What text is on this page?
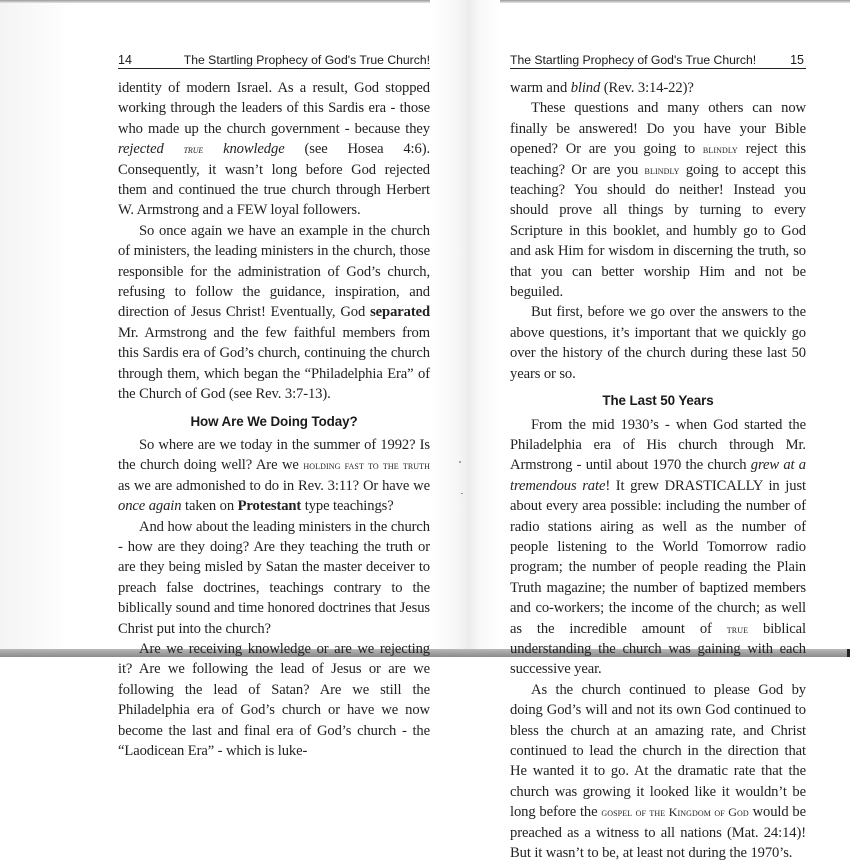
14	The Startling Prophecy of God's True Church!

identity of modern Israel. As a result, God stopped working through the leaders of this Sardis era - those who made up the church government - because they rejected true knowledge (see Hosea 4:6). Consequently, it wasn’t long before God rejected them and continued the true church through Herbert W. Armstrong and a FEW loyal followers.

So once again we have an example in the church of ministers, the leading ministers in the church, those responsible for the administration of God’s church, refusing to follow the guidance, inspiration, and direction of Jesus Christ! Eventually, God separated Mr. Armstrong and the few faithful members from this Sardis era of God’s church, continuing the church through them, which began the “Philadelphia Era” of the Church of God (see Rev. 3:7-13).

How Are We Doing Today?

So where are we today in the summer of 1992? Is the church doing well? Are we holding fast to the truth as we are admonished to do in Rev. 3:11? Or have we once again taken on Protestant type teachings?

And how about the leading ministers in the church - how are they doing? Are they teaching the truth or are they being misled by Satan the master deceiver to preach false doctrines, teachings contrary to the biblically sound and time honored doctrines that Jesus Christ put into the church?

Are we receiving knowledge or are we rejecting it? Are we following the lead of Jesus or are we following the lead of Satan? Are we still the Philadelphia era of God’s church or have we now become the last and final era of God’s church - the “Laodicean Era” - which is luke-

The Startling Prophecy of God's True Church!	15

warm and blind (Rev. 3:14-22)?

These questions and many others can now finally be answered! Do you have your Bible opened? Or are you going to blindly reject this teaching? Or are you blindly going to accept this teaching? You should do neither! Instead you should prove all things by turning to every Scripture in this booklet, and humbly go to God and ask Him for wisdom in discerning the truth, so that you can better worship Him and not be beguiled.

But first, before we go over the answers to the above questions, it’s important that we quickly go over the history of the church during these last 50 years or so.

The Last 50 Years

From the mid 1930’s - when God started the Philadelphia era of His church through Mr. Armstrong - until about 1970 the church grew at a tremendous rate! It grew DRASTICALLY in just about every area possible: including the number of radio stations airing as well as the number of people listening to the World Tomorrow radio program; the number of people reading the Plain Truth magazine; the number of baptized members and co-workers; the income of the church; as well as the incredible amount of true biblical understanding the church was gaining with each successive year.

As the church continued to please God by doing God’s will and not its own God continued to bless the church at an amazing rate, and Christ continued to lead the church in the direction that He wanted it to go. At the dramatic rate that the church was growing it looked like it wouldn’t be long before the gospel of the Kingdom of God would be preached as a witness to all nations (Mat. 24:14)! But it wasn’t to be, at least not during the 1970’s.
